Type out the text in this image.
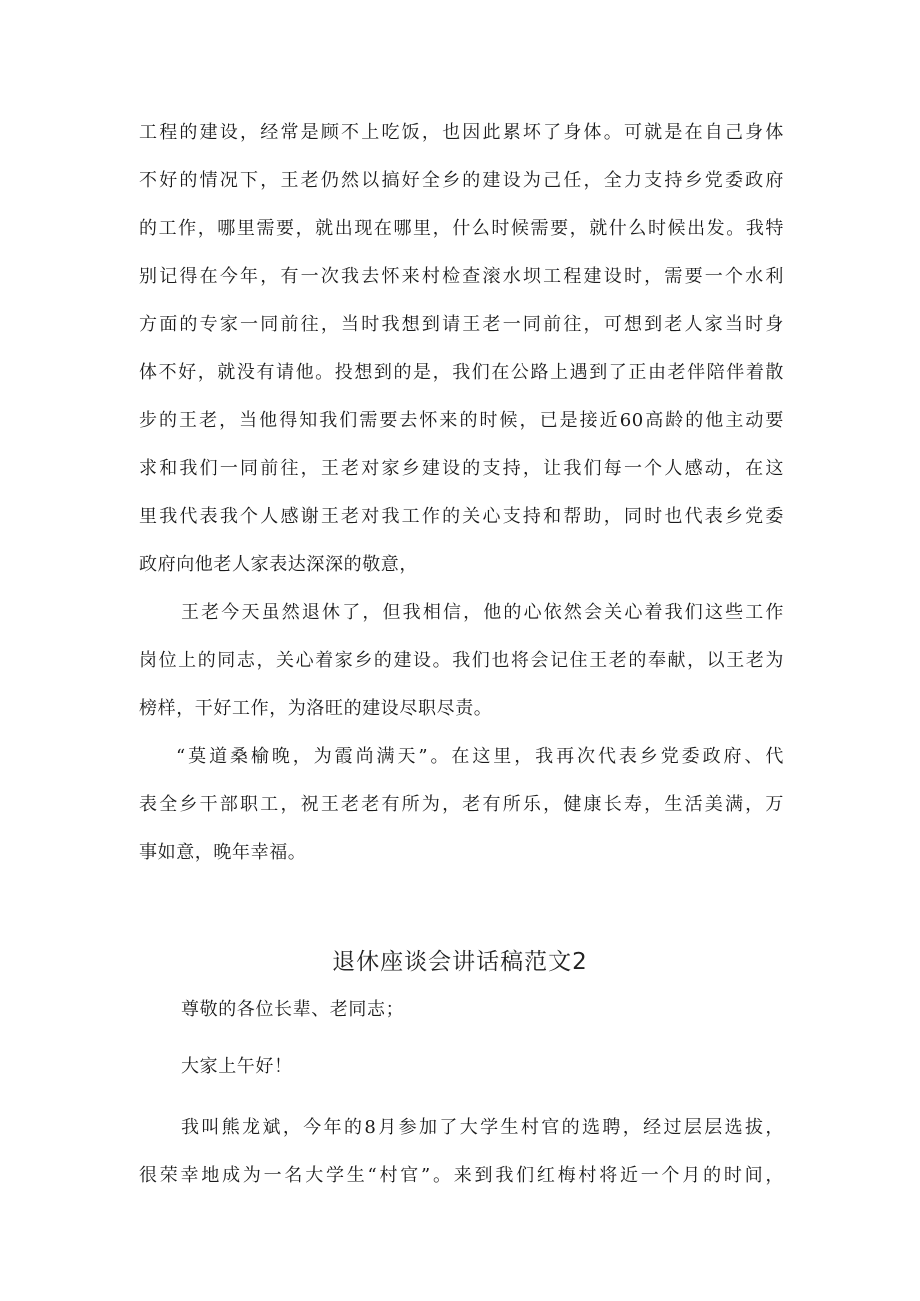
工程的建设，经常是顾不上吃饭，也因此累坏了身体。可就是在自己身体
不好的情况下，王老仍然以搞好全乡的建设为己任，全力支持乡党委政府
的工作，哪里需要，就出现在哪里，什么时候需要，就什么时候出发。我特
别记得在今年，有一次我去怀来村检查滚水坝工程建设时，需要一个水利
方面的专家一同前往，当时我想到请王老一同前往，可想到老人家当时身
体不好，就没有请他。投想到的是，我们在公路上遇到了正由老伴陪伴着散
步的王老，当他得知我们需要去怀来的时候，已是接近60高龄的他主动要
求和我们一同前往，王老对家乡建设的支持，让我们每一个人感动，在这
里我代表我个人感谢王老对我工作的关心支持和帮助，同时也代表乡党委
政府向他老人家表达深深的敬意，
王老今天虽然退休了，但我相信，他的心依然会关心着我们这些工作
岗位上的同志，关心着家乡的建设。我们也将会记住王老的奉献，以王老为
榜样，干好工作，为洛旺的建设尽职尽责。
“莫道桑榆晚，为霞尚满天”。在这里，我再次代表乡党委政府、代
表全乡干部职工，祝王老老有所为，老有所乐，健康长寿，生活美满，万
事如意，晚年幸福。
退休座谈会讲话稿范文2
尊敬的各位长辈、老同志；
大家上午好！
我叫熊龙斌，今年的8月参加了大学生村官的选聘，经过层层选拔，
很荣幸地成为一名大学生“村官”。来到我们红梅村将近一个月的时间，
